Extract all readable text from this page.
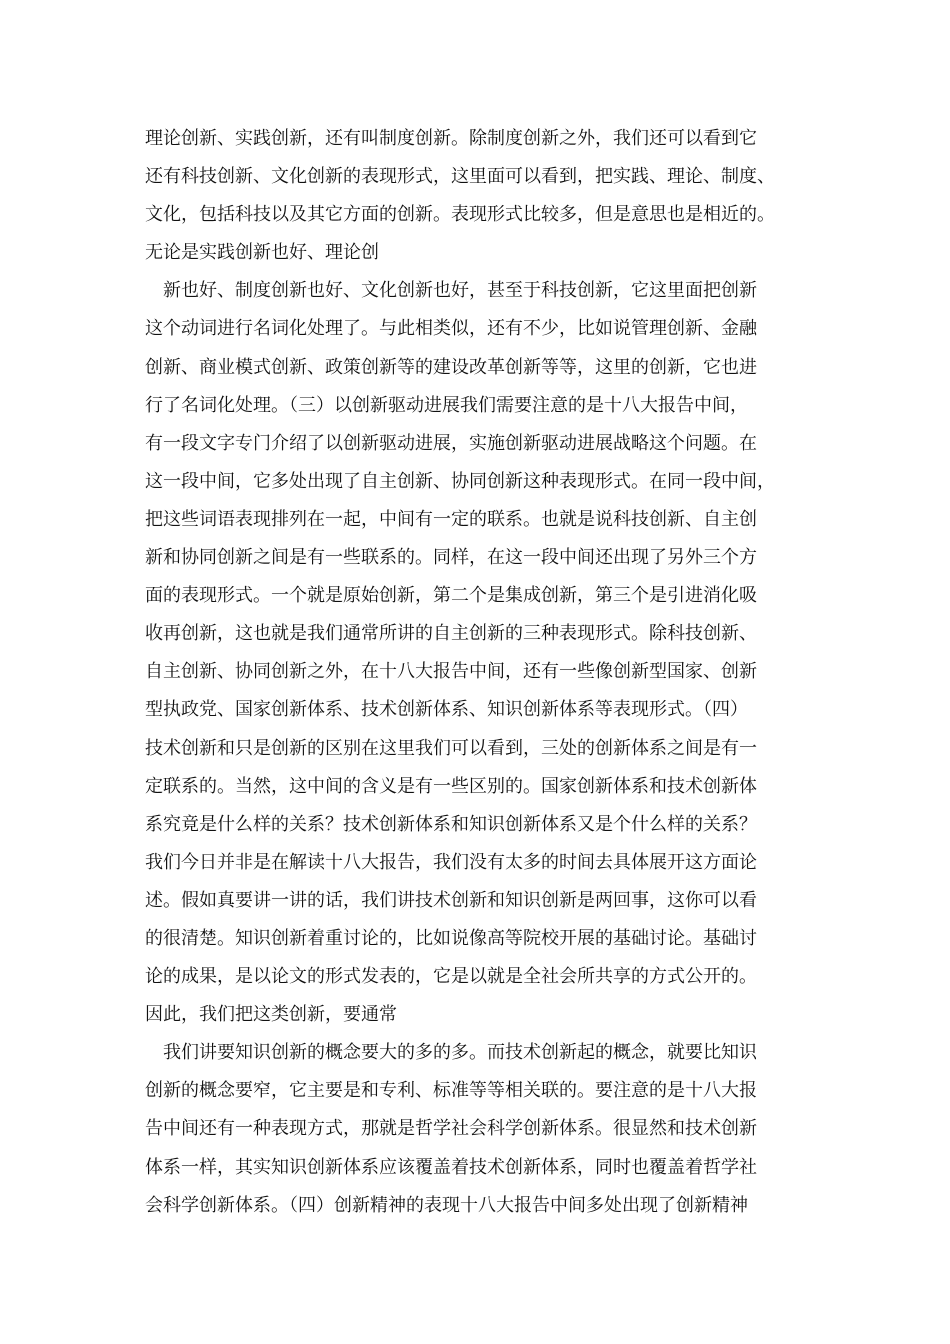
理论创新、实践创新，还有叫制度创新。除制度创新之外，我们还可以看到它
还有科技创新、文化创新的表现形式，这里面可以看到，把实践、理论、制度、
文化，包括科技以及其它方面的创新。表现形式比较多，但是意思也是相近的。
无论是实践创新也好、理论创
新也好、制度创新也好、文化创新也好，甚至于科技创新，它这里面把创新
这个动词进行名词化处理了。与此相类似，还有不少，比如说管理创新、金融
创新、商业模式创新、政策创新等的建设改革创新等等，这里的创新，它也进
行了名词化处理。（三）以创新驱动进展我们需要注意的是十八大报告中间，
有一段文字专门介绍了以创新驱动进展，实施创新驱动进展战略这个问题。在
这一段中间，它多处出现了自主创新、协同创新这种表现形式。在同一段中间，
把这些词语表现排列在一起，中间有一定的联系。也就是说科技创新、自主创
新和协同创新之间是有一些联系的。同样，在这一段中间还出现了另外三个方
面的表现形式。一个就是原始创新，第二个是集成创新，第三个是引进消化吸
收再创新，这也就是我们通常所讲的自主创新的三种表现形式。除科技创新、
自主创新、协同创新之外，在十八大报告中间，还有一些像创新型国家、创新
型执政党、国家创新体系、技术创新体系、知识创新体系等表现形式。（四）
技术创新和只是创新的区别在这里我们可以看到，三处的创新体系之间是有一
定联系的。当然，这中间的含义是有一些区别的。国家创新体系和技术创新体
系究竟是什么样的关系？技术创新体系和知识创新体系又是个什么样的关系？
我们今日并非是在解读十八大报告，我们没有太多的时间去具体展开这方面论
述。假如真要讲一讲的话，我们讲技术创新和知识创新是两回事，这你可以看
的很清楚。知识创新着重讨论的，比如说像高等院校开展的基础讨论。基础讨
论的成果，是以论文的形式发表的，它是以就是全社会所共享的方式公开的。
因此，我们把这类创新，要通常
我们讲要知识创新的概念要大的多的多。而技术创新起的概念，就要比知识
创新的概念要窄，它主要是和专利、标准等等相关联的。要注意的是十八大报
告中间还有一种表现方式，那就是哲学社会科学创新体系。很显然和技术创新
体系一样，其实知识创新体系应该覆盖着技术创新体系，同时也覆盖着哲学社
会科学创新体系。（四）创新精神的表现十八大报告中间多处出现了创新精神
